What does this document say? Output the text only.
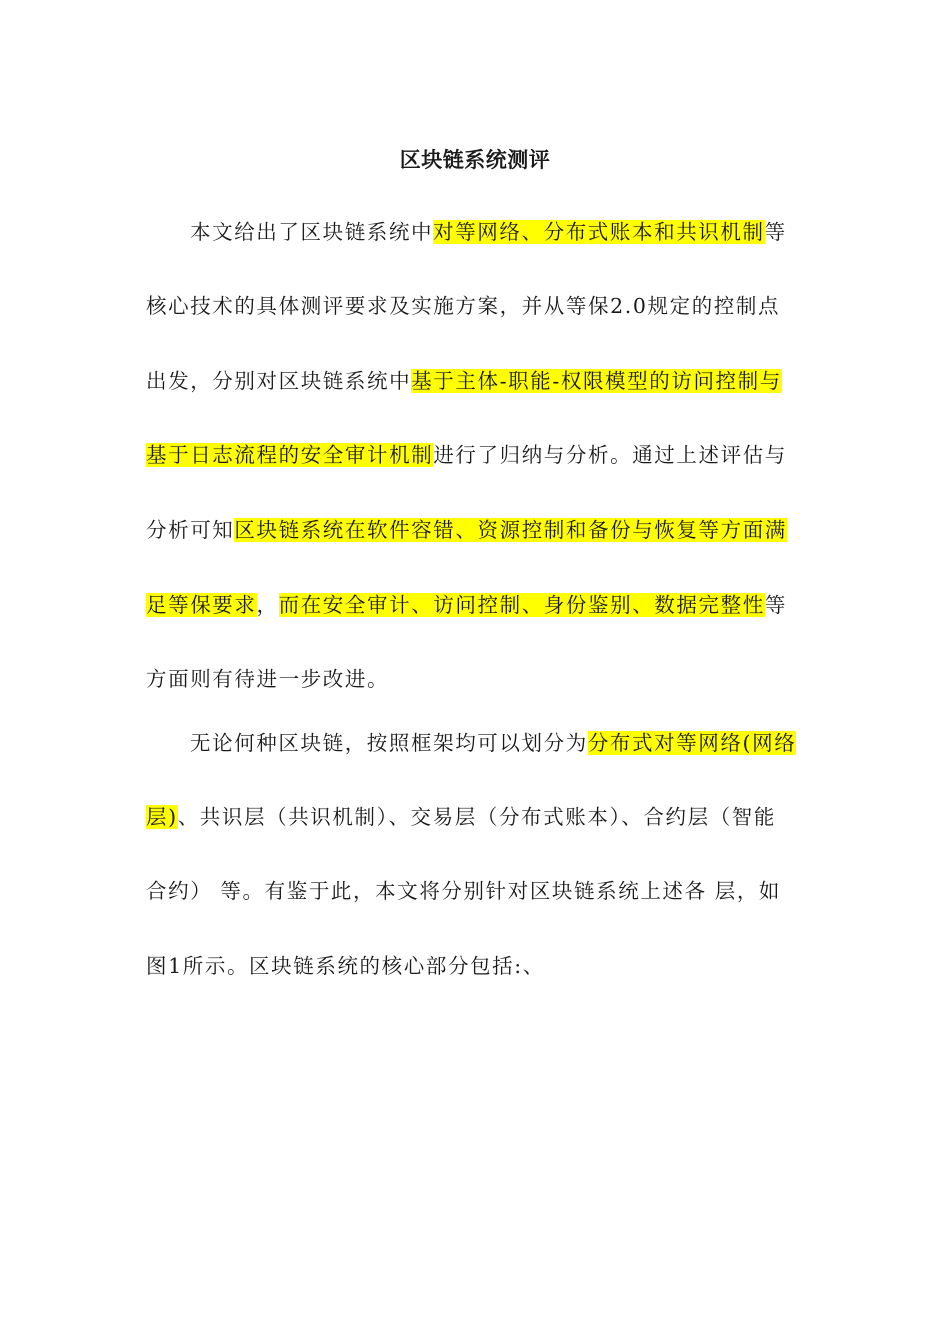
区块链系统测评
本文给出了区块链系统中对等网络、分布式账本和共识机制等
核心技术的具体测评要求及实施方案，并从等保2.0规定的控制点
出发，分别对区块链系统中基于主体-职能-权限模型的访问控制与
基于日志流程的安全审计机制进行了归纳与分析。通过上述评估与
分析可知区块链系统在软件容错、资源控制和备份与恢复等方面满
足等保要求，而在安全审计、访问控制、身份鉴别、数据完整性等
方面则有待进一步改进。
无论何种区块链，按照框架均可以划分为分布式对等网络(网络
层)、共识层（共识机制）、交易层（分布式账本）、合约层（智能
合约） 等。有鉴于此，本文将分别针对区块链系统上述各 层，如
图1所示。区块链系统的核心部分包括:、
